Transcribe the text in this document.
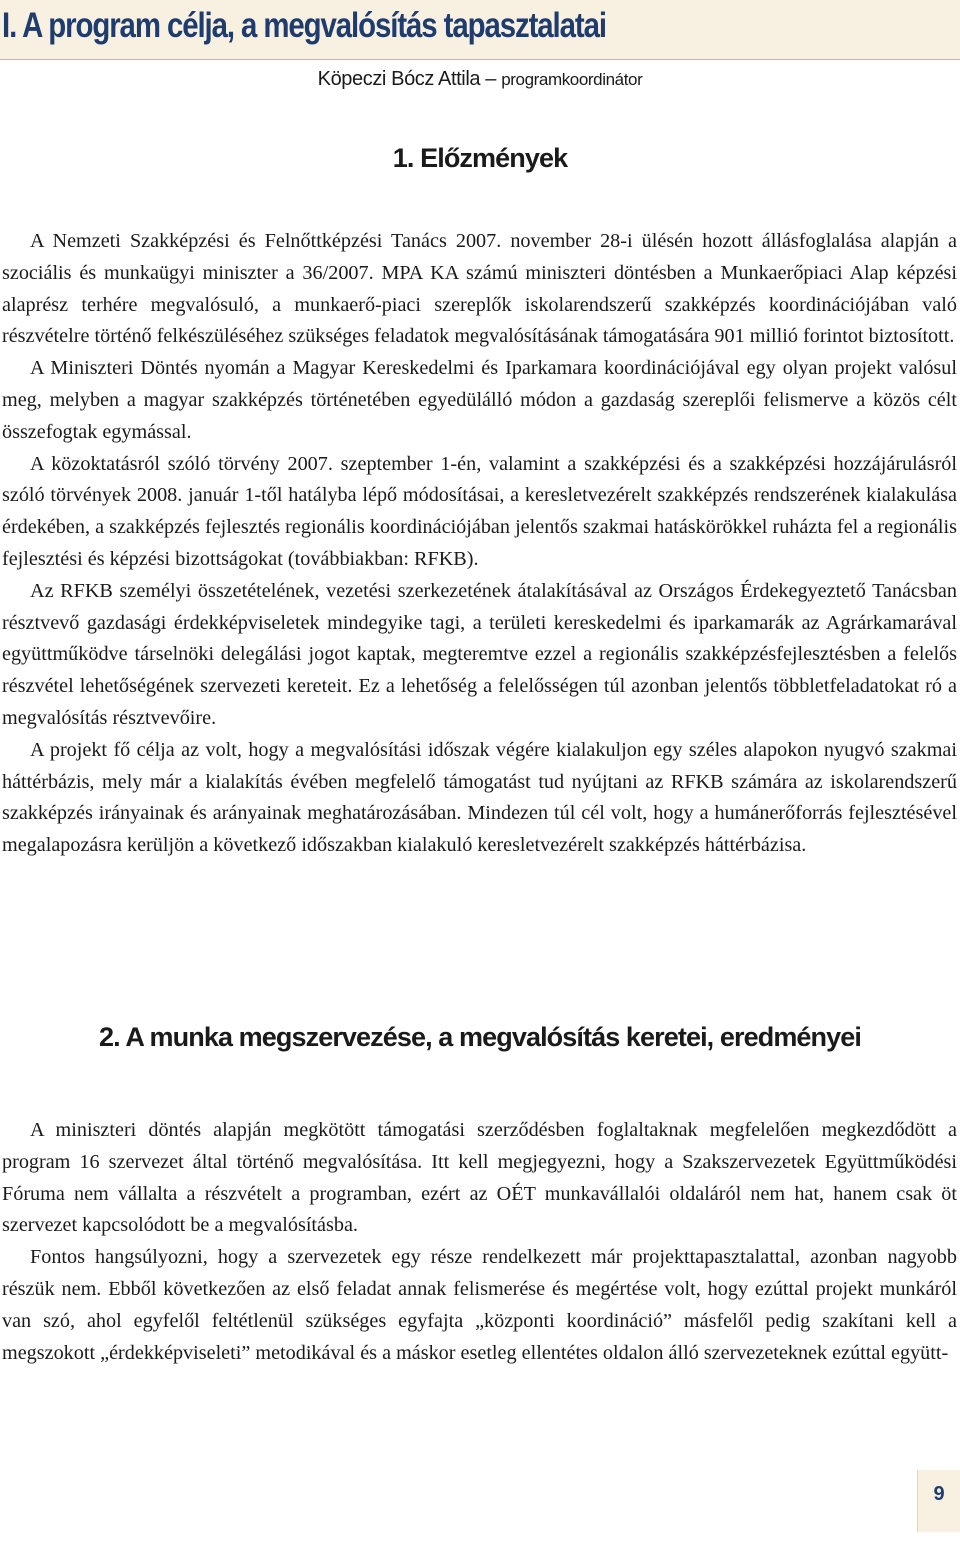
I. A program célja, a megvalósítás tapasztalatai
Köpeczi Bócz Attila – programkoordinátor
1. Előzmények

A Nemzeti Szakképzési és Felnőttképzési Tanács 2007. november 28-i ülésén hozott állásfoglalása alapján a szociális és munkaügyi miniszter a 36/2007. MPA KA számú miniszteri döntésben a Munkaerőpiaci Alap képzési alaprész terhére megvalósuló, a munkaerő-piaci szereplők iskolarendszerű szakképzés koordinációjában való részvételre történő felkészüléséhez szükséges feladatok megvalósításának támogatására 901 millió forintot biztosított.

A Miniszteri Döntés nyomán a Magyar Kereskedelmi és Iparkamara koordinációjával egy olyan projekt valósul meg, melyben a magyar szakképzés történetében egyedülálló módon a gazdaság szereplői felismerve a közös célt összefogtak egymással.

A közoktatásról szóló törvény 2007. szeptember 1-én, valamint a szakképzési és a szakképzési hozzájárulásról szóló törvények 2008. január 1-től hatályba lépő módosításai, a keresletvezérelt szakképzés rendszerének kialakulása érdekében, a szakképzés fejlesztés regionális koordinációjában jelentős szakmai hatáskörökkel ruházta fel a regionális fejlesztési és képzési bizottságokat (továbbiakban: RFKB).

Az RFKB személyi összetételének, vezetési szerkezetének átalakításával az Országos Érdekegyeztető Tanácsban résztvevő gazdasági érdekképviseletek mindegyike tagi, a területi kereskedelmi és iparkamarák az Agrárkamarával együttműködve társelnöki delegálási jogot kaptak, megteremtve ezzel a regionális szakképzésfejlesztésben a felelős részvétel lehetőségének szervezeti kereteit. Ez a lehetőség a felelősségen túl azonban jelentős többletfeladatokat ró a megvalósítás résztvevőire.

A projekt fő célja az volt, hogy a megvalósítási időszak végére kialakuljon egy széles alapokon nyugvó szakmai háttérbázis, mely már a kialakítás évében megfelelő támogatást tud nyújtani az RFKB számára az iskolarendszerű szakképzés irányainak és arányainak meghatározásában. Mindezen túl cél volt, hogy a humánerőforrás fejlesztésével megalapozásra kerüljön a következő időszakban kialakuló keresletvezérelt szakképzés háttérbázisa.

2. A munka megszervezése, a megvalósítás keretei, eredményei

A miniszteri döntés alapján megkötött támogatási szerződésben foglaltaknak megfelelően megkezdődött a program 16 szervezet által történő megvalósítása. Itt kell megjegyezni, hogy a Szakszervezetek Együttműködési Fóruma nem vállalta a részvételt a programban, ezért az OÉT munkavállalói oldaláról nem hat, hanem csak öt szervezet kapcsolódott be a megvalósításba.

Fontos hangsúlyozni, hogy a szervezetek egy része rendelkezett már projekttapasztalattal, azonban nagyobb részük nem. Ebből következően az első feladat annak felismerése és megértése volt, hogy ezúttal projekt munkáról van szó, ahol egyfelől feltétlenül szükséges egyfajta „központi koordináció” másfelől pedig szakítani kell a megszokott „érdekképviseleti” metodikával és a máskor esetleg ellentétes oldalon álló szervezeteknek ezúttal együtt-

9
